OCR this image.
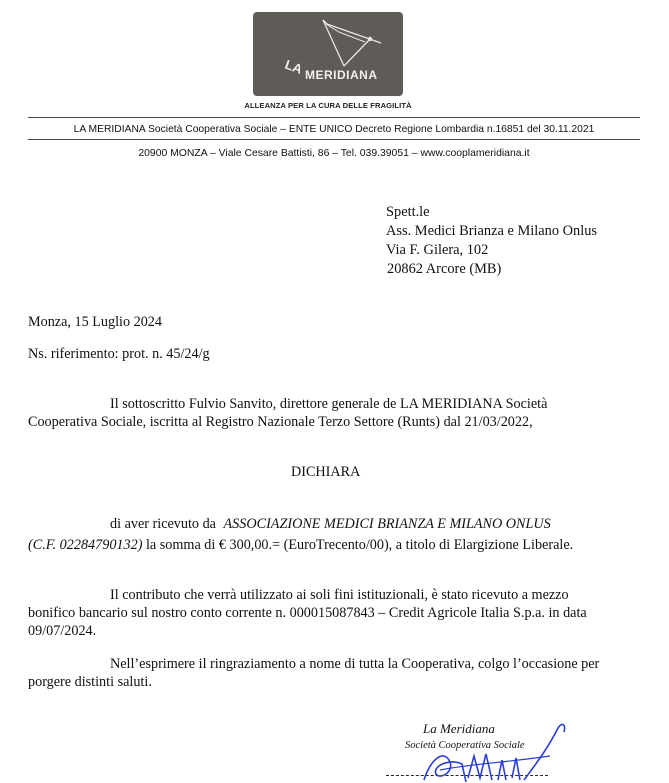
LA MERIDIANA
ALLEANZA PER LA CURA DELLE FRAGILITÀ
LA MERIDIANA Società Cooperativa Sociale – ENTE UNICO Decreto Regione Lombardia n.16851 del 30.11.2021
20900 MONZA – Viale Cesare Battisti, 86 – Tel. 039.39051 – www.cooplameridiana.it
Spett.le
Ass. Medici Brianza e Milano Onlus
Via F. Gilera, 102
20862 Arcore (MB)
Monza, 15 Luglio 2024
Ns. riferimento: prot. n. 45/24/g
Il sottoscritto Fulvio Sanvito, direttore generale de LA MERIDIANA Società
Cooperativa Sociale, iscritta al Registro Nazionale Terzo Settore (Runts) dal 21/03/2022,
DICHIARA
di aver ricevuto da ASSOCIAZIONE MEDICI BRIANZA E MILANO ONLUS
(C.F. 02284790132) la somma di € 300,00.= (EuroTrecento/00), a titolo di Elargizione Liberale.
Il contributo che verrà utilizzato ai soli fini istituzionali, è stato ricevuto a mezzo
bonifico bancario sul nostro conto corrente n. 000015087843 – Credit Agricole Italia S.p.a. in data
09/07/2024.
Nell’esprimere il ringraziamento a nome di tutta la Cooperativa, colgo l’occasione per
porgere distinti saluti.
La Meridiana
Società Cooperativa Sociale
